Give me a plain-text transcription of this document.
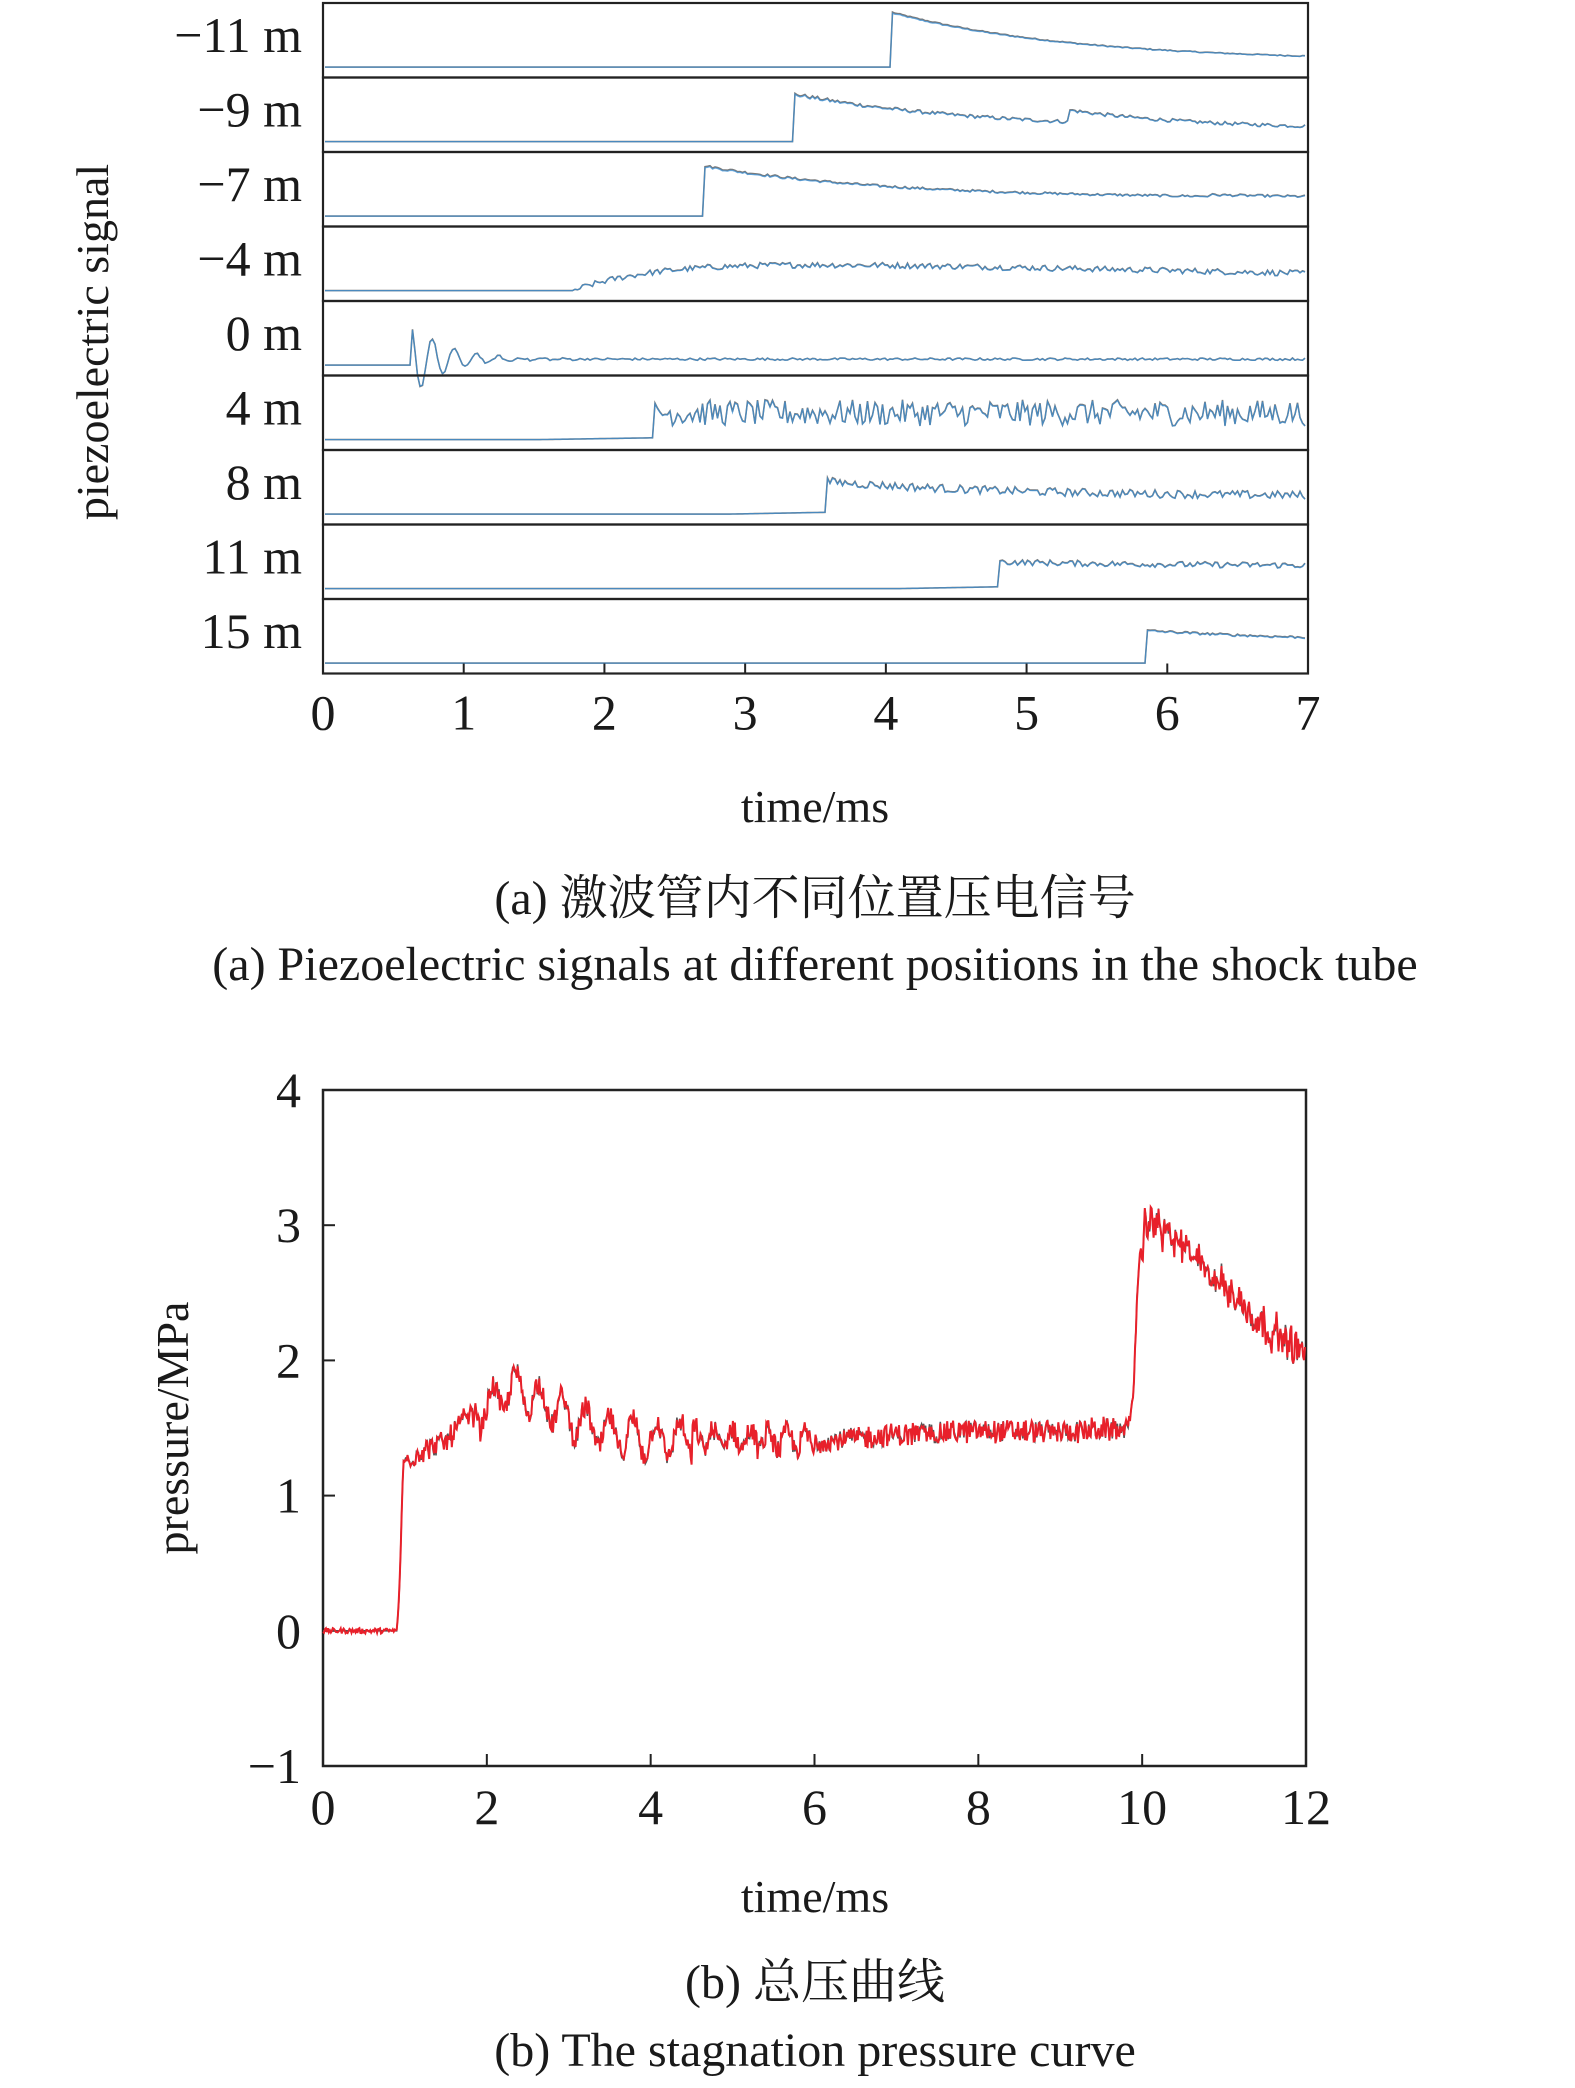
piezoelectric signal
−11 m
−9 m
−7 m
−4 m
0 m
4 m
8 m
11 m
15 m
0 1 2 3 4 5 6 7
time/ms
(a) 激波管内不同位置压电信号
(a) Piezoelectric signals at different positions in the shock tube
pressure/MPa
0	2	4	6	8	10 12
−1
0
1
2
3
4
time/ms
(b) 总压曲线
(b) The stagnation pressure curve
